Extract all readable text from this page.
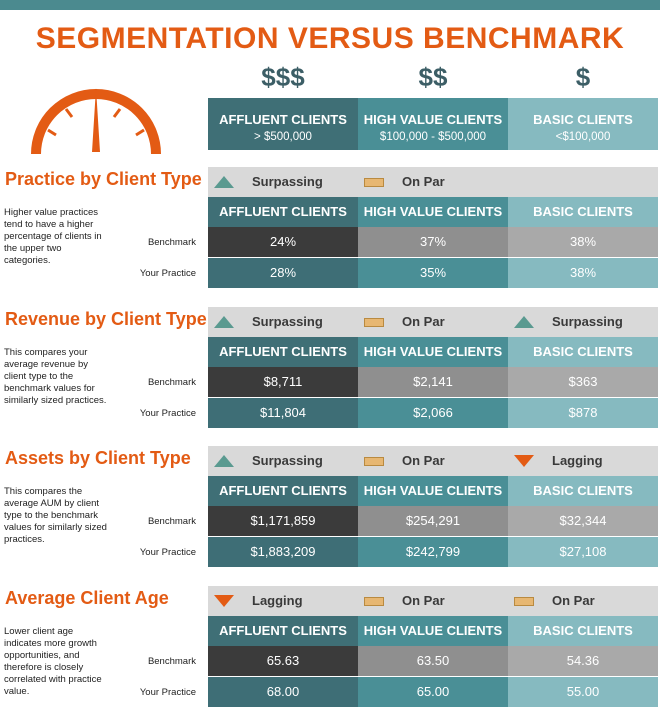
SEGMENTATION VERSUS BENCHMARK
$$$	$$	$
AFFLUENT CLIENTS
> $500,000
HIGH VALUE CLIENTS
$100,000 - $500,000
BASIC CLIENTS
<$100,000
Practice by Client Type
Higher value practices tend to have a higher percentage of clients in the upper two categories.
Surpassing	On Par
AFFLUENT CLIENTS	HIGH VALUE CLIENTS	BASIC CLIENTS
Benchmark	24%	37%	38%
Your Practice	28%	35%	38%
Revenue by Client Type
This compares your average revenue by client type to the benchmark values for similarly sized practices.
Surpassing	On Par	Surpassing
AFFLUENT CLIENTS	HIGH VALUE CLIENTS	BASIC CLIENTS
Benchmark	$8,711	$2,141	$363
Your Practice	$11,804	$2,066	$878
Assets by Client Type
This compares the average AUM by client type to the benchmark values for similarly sized practices.
Surpassing	On Par	Lagging
AFFLUENT CLIENTS	HIGH VALUE CLIENTS	BASIC CLIENTS
Benchmark	$1,171,859	$254,291	$32,344
Your Practice	$1,883,209	$242,799	$27,108
Average Client Age
Lower client age indicates more growth opportunities, and therefore is closely correlated with practice value.
Lagging	On Par	On Par
AFFLUENT CLIENTS	HIGH VALUE CLIENTS	BASIC CLIENTS
Benchmark	65.63	63.50	54.36
Your Practice	68.00	65.00	55.00
